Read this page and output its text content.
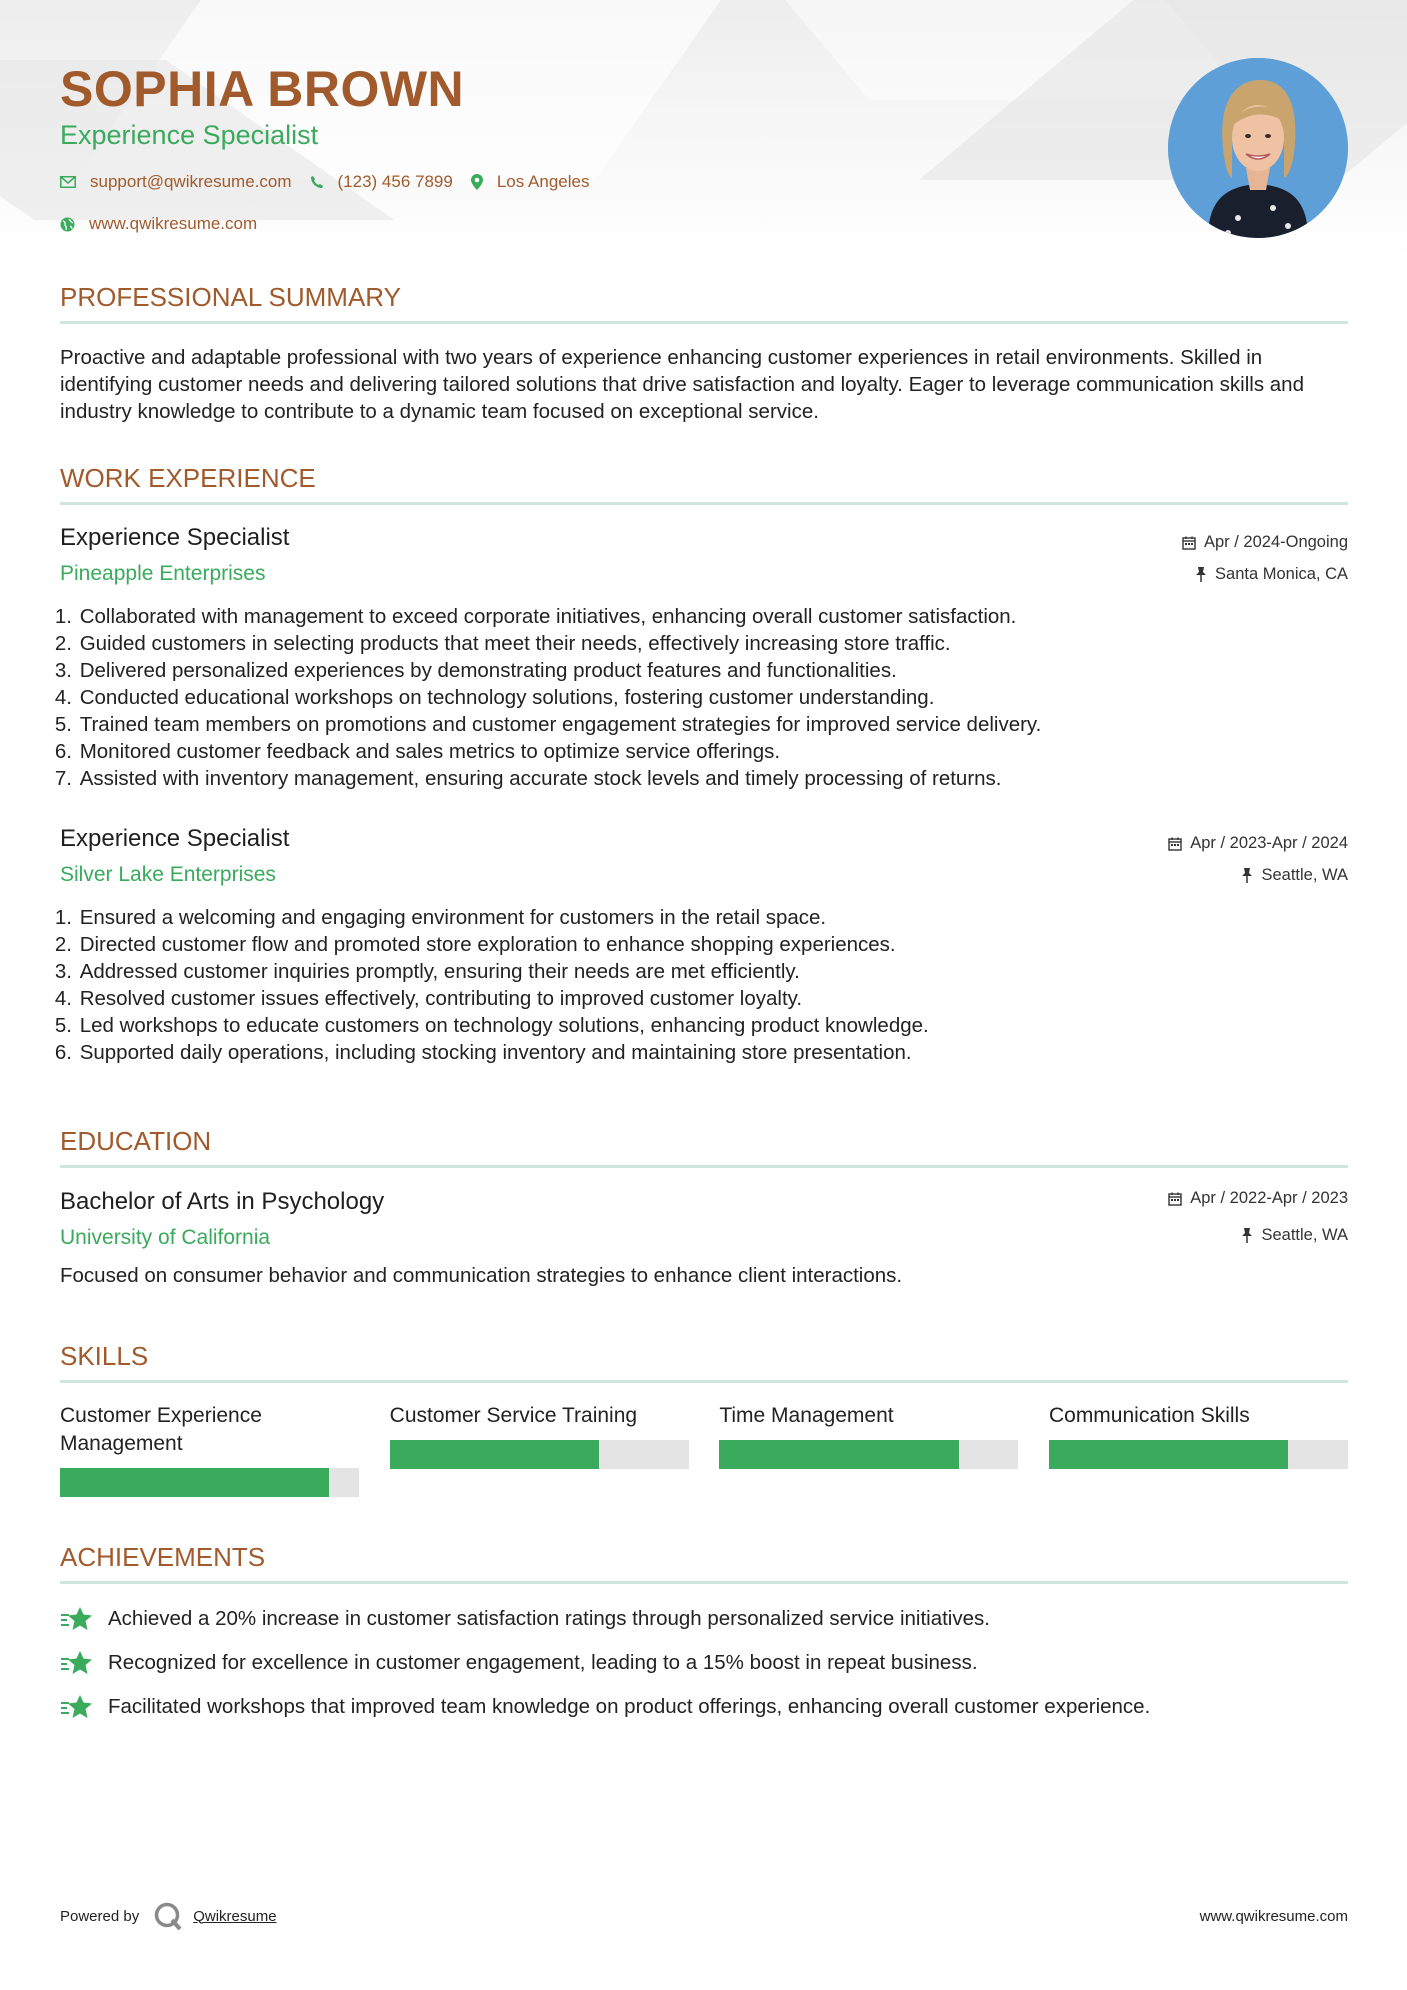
SOPHIA BROWN
Experience Specialist
support@qwikresume.com	(123) 456 7899	Los Angeles
www.qwikresume.com
PROFESSIONAL SUMMARY
Proactive and adaptable professional with two years of experience enhancing customer experiences in retail environments. Skilled in identifying customer needs and delivering tailored solutions that drive satisfaction and loyalty. Eager to leverage communication skills and industry knowledge to contribute to a dynamic team focused on exceptional service.
WORK EXPERIENCE
Experience Specialist
Pineapple Enterprises
Apr / 2024-Ongoing
Santa Monica, CA
1.
Collaborated with management to exceed corporate initiatives, enhancing overall customer satisfaction.
2.
Guided customers in selecting products that meet their needs, effectively increasing store traffic.
3.
Delivered personalized experiences by demonstrating product features and functionalities.
4.
Conducted educational workshops on technology solutions, fostering customer understanding.
5.
Trained team members on promotions and customer engagement strategies for improved service delivery.
6.
Monitored customer feedback and sales metrics to optimize service offerings.
7.
Assisted with inventory management, ensuring accurate stock levels and timely processing of returns.
Experience Specialist
Silver Lake Enterprises
Apr / 2023-Apr / 2024
Seattle, WA
1.
Ensured a welcoming and engaging environment for customers in the retail space.
2.
Directed customer flow and promoted store exploration to enhance shopping experiences.
3.
Addressed customer inquiries promptly, ensuring their needs are met efficiently.
4.
Resolved customer issues effectively, contributing to improved customer loyalty.
5.
Led workshops to educate customers on technology solutions, enhancing product knowledge.
6.
Supported daily operations, including stocking inventory and maintaining store presentation.
EDUCATION
Bachelor of Arts in Psychology
University of California
Apr / 2022-Apr / 2023
Seattle, WA
Focused on consumer behavior and communication strategies to enhance client interactions.
SKILLS
Customer Experience Management
Customer Service Training	Time Management	Communication Skills
ACHIEVEMENTS
Achieved a 20% increase in customer satisfaction ratings through personalized service initiatives.
Recognized for excellence in customer engagement, leading to a 15% boost in repeat business.
Facilitated workshops that improved team knowledge on product offerings, enhancing overall customer experience.
Powered by	Qwikresume	www.qwikresume.com
